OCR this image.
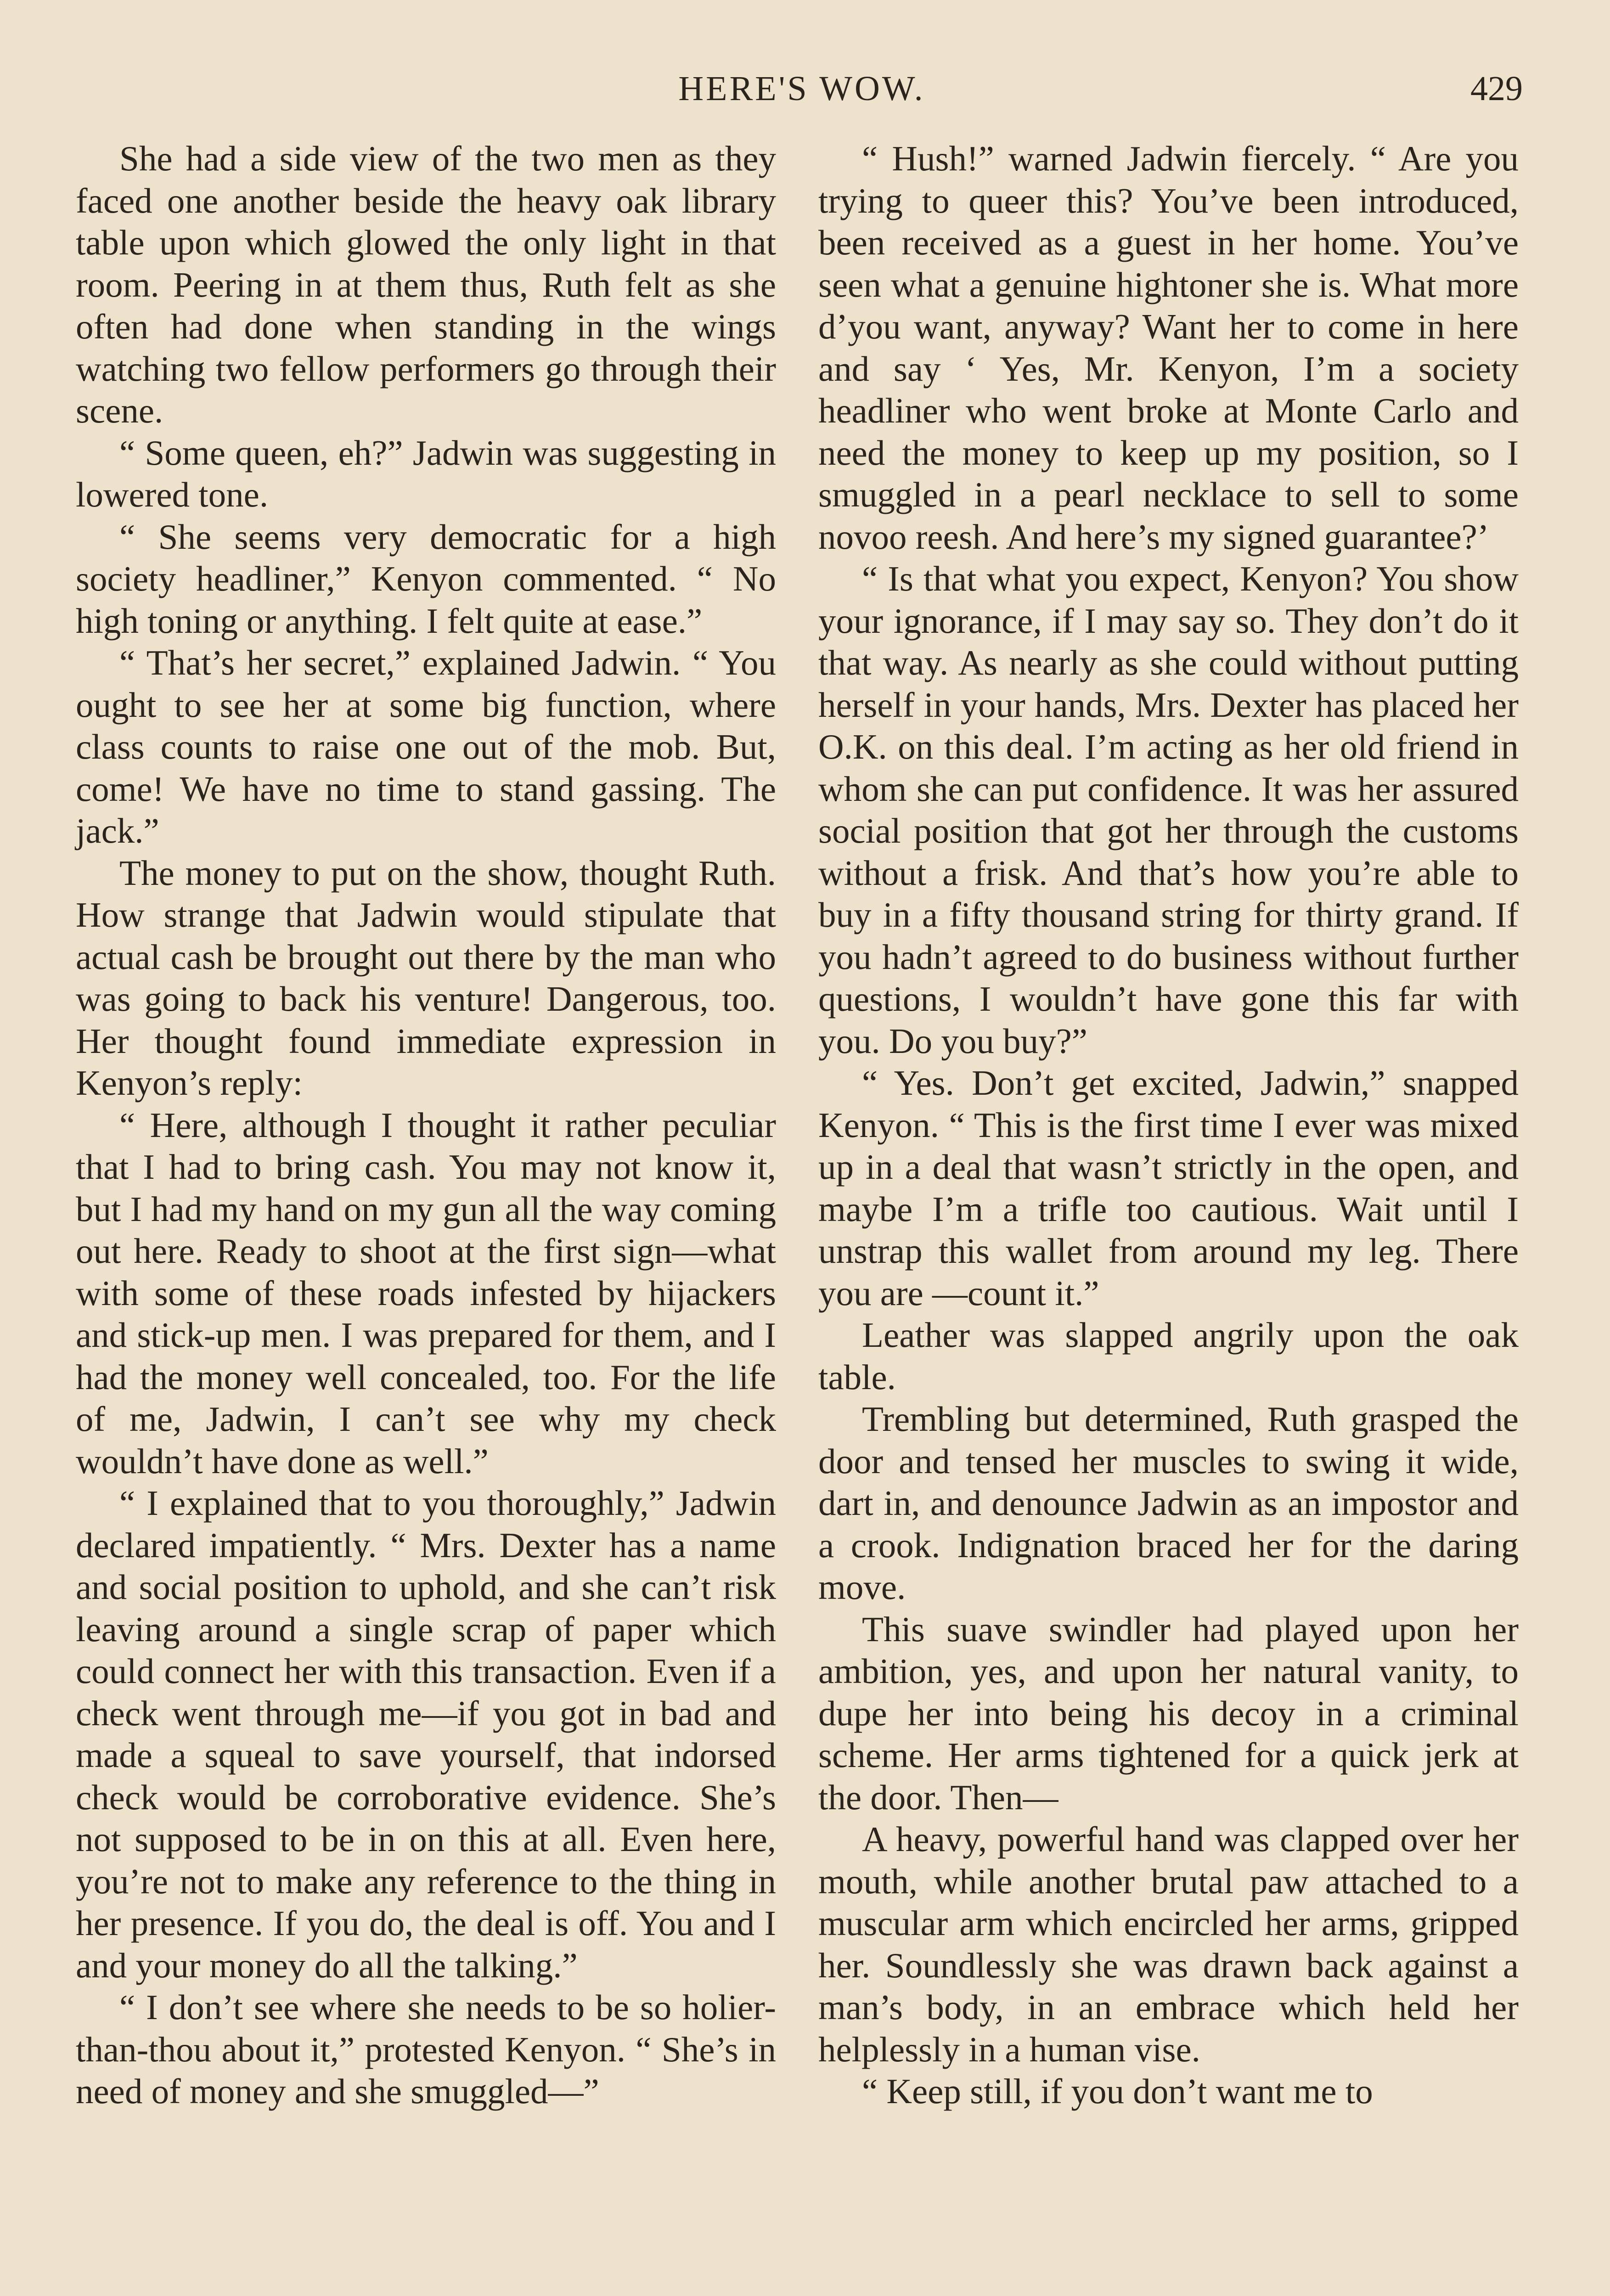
HERE'S WOW.	429

She had a side view of the two men as they faced one another beside the heavy oak library table upon which glowed the only light in that room. Peering in at them thus, Ruth felt as she often had done when standing in the wings watching two fellow performers go through their scene.

“ Some queen, eh?” Jadwin was suggesting in lowered tone.

“ She seems very democratic for a high society headliner,” Kenyon commented. “ No high toning or anything. I felt quite at ease.”

“ That’s her secret,” explained Jadwin. “ You ought to see her at some big function, where class counts to raise one out of the mob. But, come! We have no time to stand gassing. The jack.”

The money to put on the show, thought Ruth. How strange that Jadwin would stipulate that actual cash be brought out there by the man who was going to back his venture! Dangerous, too. Her thought found immediate expression in Kenyon’s reply:

“ Here, although I thought it rather peculiar that I had to bring cash. You may not know it, but I had my hand on my gun all the way coming out here. Ready to shoot at the first sign—what with some of these roads infested by hijackers and stick-up men. I was prepared for them, and I had the money well concealed, too. For the life of me, Jadwin, I can’t see why my check wouldn’t have done as well.”

“ I explained that to you thoroughly,” Jadwin declared impatiently. “ Mrs. Dexter has a name and social position to uphold, and she can’t risk leaving around a single scrap of paper which could connect her with this transaction. Even if a check went through me—if you got in bad and made a squeal to save yourself, that indorsed check would be corroborative evidence. She’s not supposed to be in on this at all. Even here, you’re not to make any reference to the thing in her presence. If you do, the deal is off. You and I and your money do all the talking.”

“ I don’t see where she needs to be so holier-than-thou about it,” protested Kenyon. “ She’s in need of money and she smuggled—”

“ Hush!” warned Jadwin fiercely. “ Are you trying to queer this? You’ve been introduced, been received as a guest in her home. You’ve seen what a genuine hightoner she is. What more d’you want, anyway? Want her to come in here and say ‘ Yes, Mr. Kenyon, I’m a society headliner who went broke at Monte Carlo and need the money to keep up my position, so I smuggled in a pearl necklace to sell to some novoo reesh. And here’s my signed guarantee?’

“ Is that what you expect, Kenyon? You show your ignorance, if I may say so. They don’t do it that way. As nearly as she could without putting herself in your hands, Mrs. Dexter has placed her O.K. on this deal. I’m acting as her old friend in whom she can put confidence. It was her assured social position that got her through the customs without a frisk. And that’s how you’re able to buy in a fifty thousand string for thirty grand. If you hadn’t agreed to do business without further questions, I wouldn’t have gone this far with you. Do you buy?”

“ Yes. Don’t get excited, Jadwin,” snapped Kenyon. “ This is the first time I ever was mixed up in a deal that wasn’t strictly in the open, and maybe I’m a trifle too cautious. Wait until I unstrap this wallet from around my leg. There you are —count it.”

Leather was slapped angrily upon the oak table.

Trembling but determined, Ruth grasped the door and tensed her muscles to swing it wide, dart in, and denounce Jadwin as an impostor and a crook. Indignation braced her for the daring move.

This suave swindler had played upon her ambition, yes, and upon her natural vanity, to dupe her into being his decoy in a criminal scheme. Her arms tightened for a quick jerk at the door. Then—

A heavy, powerful hand was clapped over her mouth, while another brutal paw attached to a muscular arm which encircled her arms, gripped her. Soundlessly she was drawn back against a man’s body, in an embrace which held her helplessly in a human vise.

“ Keep still, if you don’t want me to
